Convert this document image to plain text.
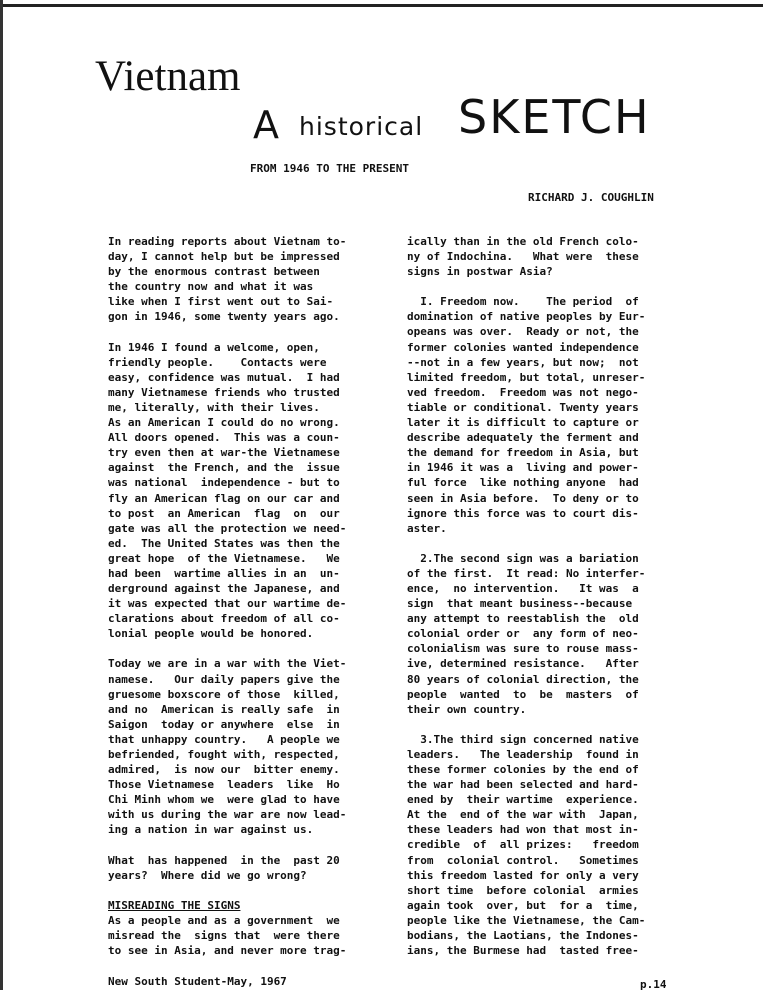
Vietnam
A historical SKETCH
FROM 1946 TO THE PRESENT
RICHARD J. COUGHLIN
In reading reports about Vietnam to-
day, I cannot help but be impressed
by the enormous contrast between
the country now and what it was
like when I first went out to Sai-
gon in 1946, some twenty years ago.
In 1946 I found a welcome, open,
friendly people.    Contacts were
easy, confidence was mutual.  I had
many Vietnamese friends who trusted
me, literally, with their lives.
As an American I could do no wrong.
All doors opened.  This was a coun-
try even then at war-the Vietnamese
against  the French, and the  issue
was national  independence - but to
fly an American flag on our car and
to post  an American  flag  on  our
gate was all the protection we need-
ed.  The United States was then the
great hope  of the Vietnamese.   We
had been  wartime allies in an  un-
derground against the Japanese, and
it was expected that our wartime de-
clarations about freedom of all co-
lonial people would be honored.
Today we are in a war with the Viet-
namese.   Our daily papers give the
gruesome boxscore of those  killed,
and no  American is really safe  in
Saigon  today or anywhere  else  in
that unhappy country.   A people we
befriended, fought with, respected,
admired,  is now our  bitter enemy.
Those Vietnamese  leaders  like  Ho
Chi Minh whom we  were glad to have
with us during the war are now lead-
ing a nation in war against us.
What  has happened  in the  past 20
years?  Where did we go wrong?
MISREADING THE SIGNS
As a people and as a government  we
misread the  signs that  were there
to see in Asia, and never more trag-
ically than in the old French colo-
ny of Indochina.   What were  these
signs in postwar Asia?
I. Freedom now.    The period  of
domination of native peoples by Eur-
opeans was over.  Ready or not, the
former colonies wanted independence
--not in a few years, but now;  not
limited freedom, but total, unreser-
ved freedom.  Freedom was not nego-
tiable or conditional. Twenty years
later it is difficult to capture or
describe adequately the ferment and
the demand for freedom in Asia, but
in 1946 it was a  living and power-
ful force  like nothing anyone  had
seen in Asia before.  To deny or to
ignore this force was to court dis-
aster.
2.The second sign was a bariation
of the first.  It read: No interfer-
ence,  no intervention.   It was  a
sign  that meant business--because
any attempt to reestablish the  old
colonial order or  any form of neo-
colonialism was sure to rouse mass-
ive, determined resistance.   After
80 years of colonial direction, the
people  wanted  to  be  masters  of
their own country.
3.The third sign concerned native
leaders.   The leadership  found in
these former colonies by the end of
the war had been selected and hard-
ened by  their wartime  experience.
At the  end of the war with  Japan,
these leaders had won that most in-
credible  of  all prizes:   freedom
from  colonial control.   Sometimes
this freedom lasted for only a very
short time  before colonial  armies
again took  over, but  for a  time,
people like the Vietnamese, the Cam-
bodians, the Laotians, the Indones-
ians, the Burmese had  tasted free-
New South Student-May, 1967	p.14
